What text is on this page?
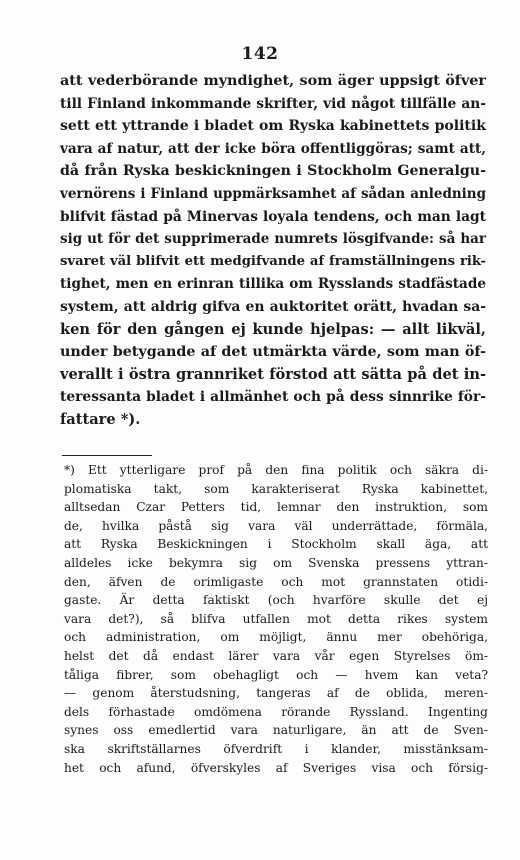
142
att vederbörande myndighet, som äger uppsigt öfver
till Finland inkommande skrifter, vid något tillfälle an-
sett ett yttrande i bladet om Ryska kabinettets politik
vara af natur, att der icke böra offentliggöras; samt att,
då från Ryska beskickningen i Stockholm Generalgu-
vernörens i Finland uppmärksamhet af sådan anledning
blifvit fästad på Minervas loyala tendens, och man lagt
sig ut för det supprimerade numrets lösgifvande: så har
svaret väl blifvit ett medgifvande af framställningens rik-
tighet, men en erinran tillika om Rysslands stadfästade
system, att aldrig gifva en auktoritet orätt, hvadan sa-
ken för den gången ej kunde hjelpas: — allt likväl,
under betygande af det utmärkta värde, som man öf-
verallt i östra grannriket förstod att sätta på det in-
teressanta bladet i allmänhet och på dess sinnrike för-
fattare *).
*) Ett ytterligare prof på den fina politik och säkra di-
plomatiska takt, som karakteriserat Ryska kabinettet,
alltsedan Czar Petters tid, lemnar den instruktion, som
de, hvilka påstå sig vara väl underrättade, förmäla,
att Ryska Beskickningen i Stockholm skall äga, att
alldeles icke bekymra sig om Svenska pressens yttran-
den, äfven de orimligaste och mot grannstaten otidi-
gaste. Är detta faktiskt (och hvarföre skulle det ej
vara det?), så blifva utfallen mot detta rikes system
och administration, om möjligt, ännu mer obehöriga,
helst det då endast lärer vara vår egen Styrelses öm-
tåliga fibrer, som obehagligt och — hvem kan veta?
— genom återstudsning, tangeras af de oblida, meren-
dels förhastade omdömena rörande Ryssland. Ingenting
synes oss emedlertid vara naturligare, än att de Sven-
ska skriftställarnes öfverdrift i klander, misstänksam-
het och afund, öfverskyles af Sveriges visa och försig-
